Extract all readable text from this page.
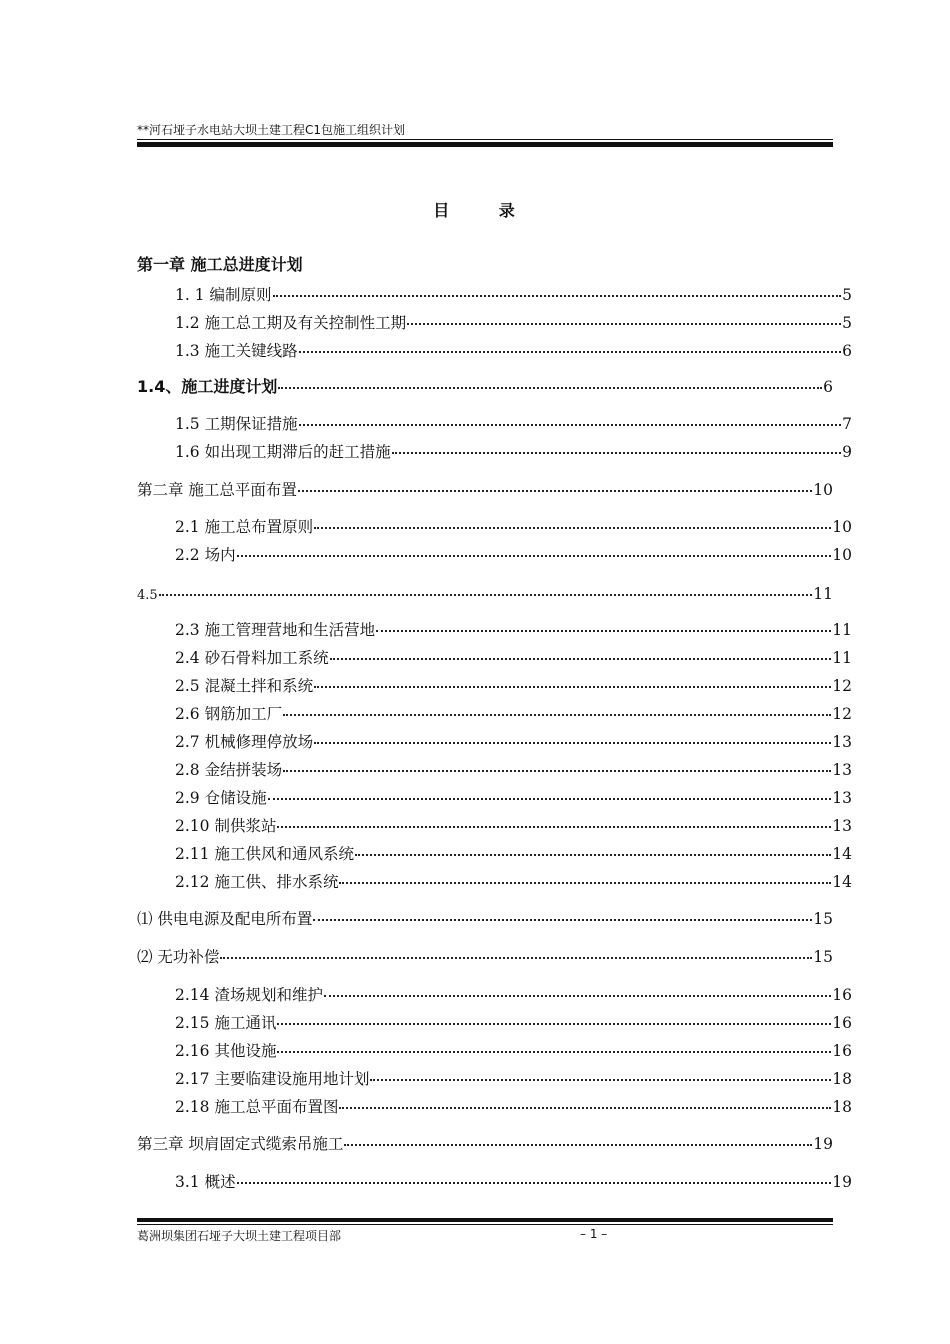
**河石垭子水电站大坝土建工程C1包施工组织计划
目 录
第一章 施工总进度计划
1. 1 编制原则	5
1.2 施工总工期及有关控制性工期	5
1.3 施工关键线路	6
1.4、施工进度计划	6
1.5 工期保证措施	7
1.6 如出现工期滞后的赶工措施	9
第二章 施工总平面布置	10
2.1 施工总布置原则	10
2.2 场内	10
4.5	11
2.3 施工管理营地和生活营地	11
2.4 砂石骨料加工系统	11
2.5 混凝土拌和系统	12
2.6 钢筋加工厂	12
2.7 机械修理停放场	13
2.8 金结拼装场	13
2.9 仓储设施	13
2.10 制供浆站	13
2.11 施工供风和通风系统	14
2.12 施工供、排水系统	14
⑴ 供电电源及配电所布置	15
⑵ 无功补偿	15
2.14 渣场规划和维护	16
2.15 施工通讯	16
2.16 其他设施	16
2.17 主要临建设施用地计划	18
2.18 施工总平面布置图	18
第三章 坝肩固定式缆索吊施工	19
3.1 概述	19
葛洲坝集团石垭子大坝土建工程项目部	– 1 –
